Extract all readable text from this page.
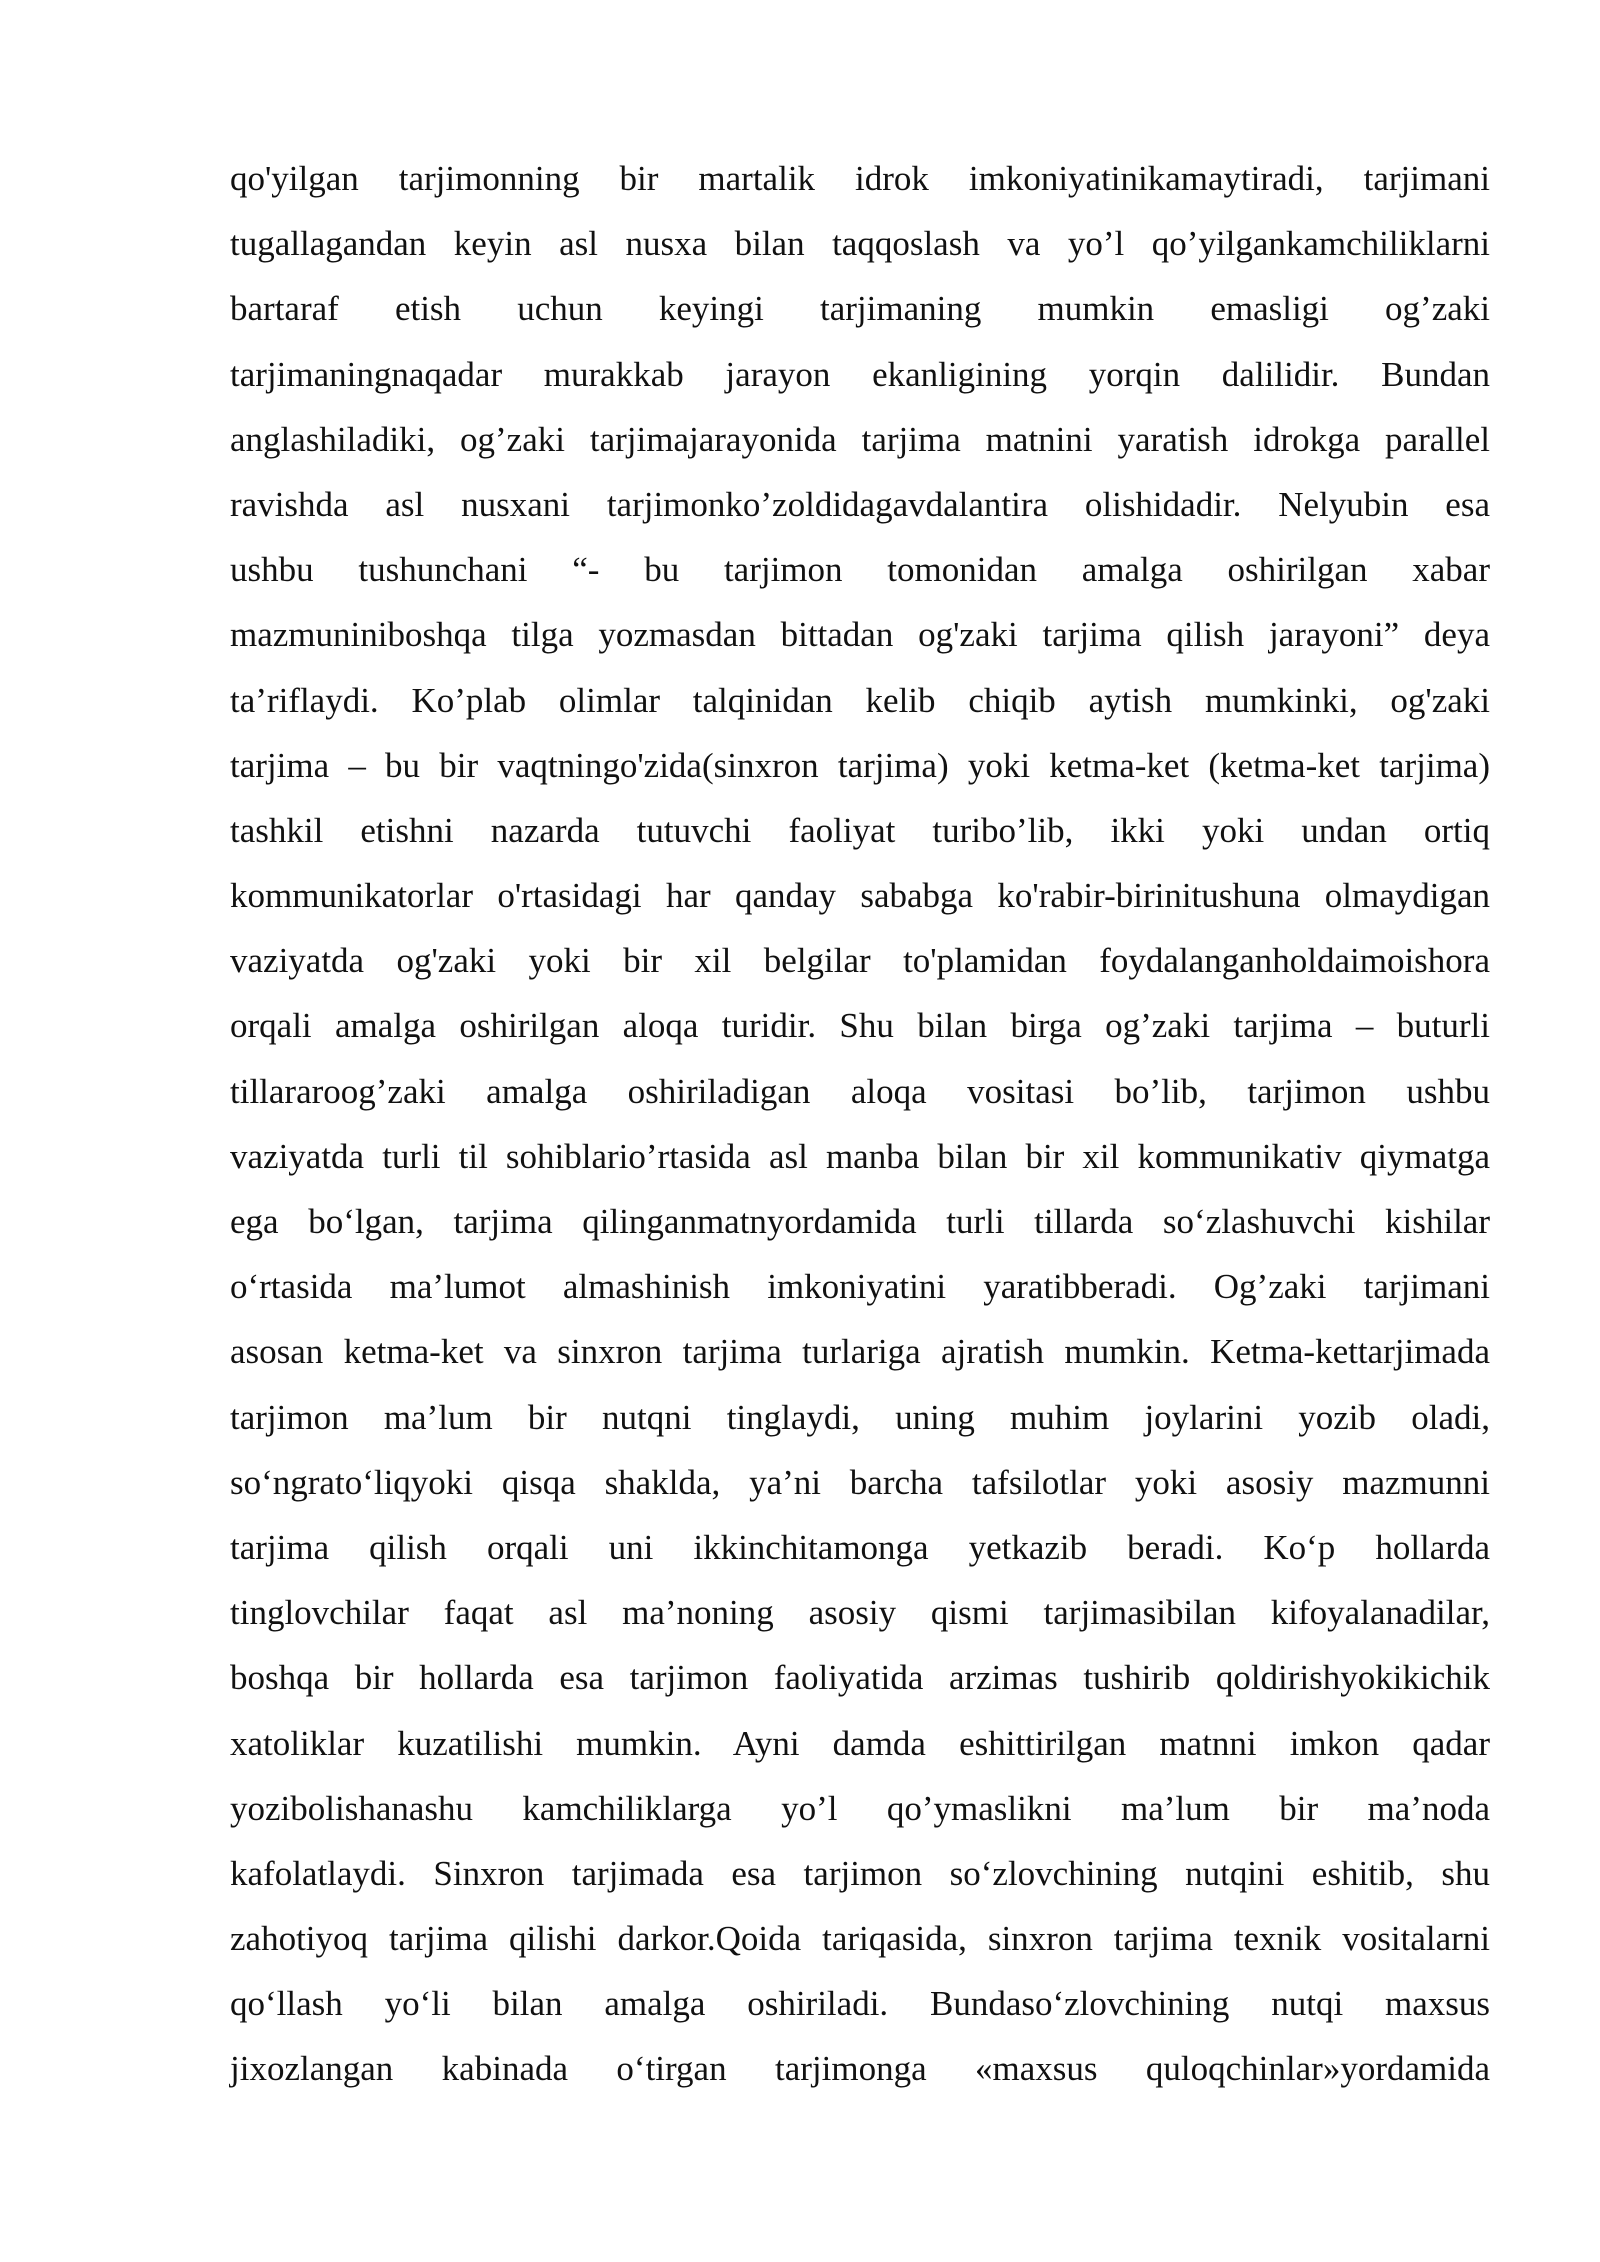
qo'yilgan tarjimonning bir martalik idrok imkoniyatinikamaytiradi, tarjimani
tugallagandan keyin asl nusxa bilan taqqoslash va yo’l qo’yilgankamchiliklarni
bartaraf etish uchun keyingi tarjimaning mumkin emasligi og’zaki
tarjimaningnaqadar murakkab jarayon ekanligining yorqin dalilidir. Bundan
anglashiladiki, og’zaki tarjimajarayonida tarjima matnini yaratish idrokga parallel
ravishda asl nusxani tarjimonko’zoldidagavdalantira olishidadir. Nelyubin esa
ushbu tushunchani “- bu tarjimon tomonidan amalga oshirilgan xabar
mazmuniniboshqa tilga yozmasdan bittadan og'zaki tarjima qilish jarayoni” deya
ta’riflaydi. Ko’plab olimlar talqinidan kelib chiqib aytish mumkinki, og'zaki
tarjima – bu bir vaqtningo'zida(sinxron tarjima) yoki ketma-ket (ketma-ket tarjima)
tashkil etishni nazarda tutuvchi faoliyat turibo’lib, ikki yoki undan ortiq
kommunikatorlar o'rtasidagi har qanday sababga ko'rabir-birinitushuna olmaydigan
vaziyatda og'zaki yoki bir xil belgilar to'plamidan foydalanganholdaimoishora
orqali amalga oshirilgan aloqa turidir. Shu bilan birga og’zaki tarjima – buturli
tillararoog’zaki amalga oshiriladigan aloqa vositasi bo’lib, tarjimon ushbu
vaziyatda turli til sohiblario’rtasida asl manba bilan bir xil kommunikativ qiymatga
ega bo‘lgan, tarjima qilinganmatnyordamida turli tillarda so‘zlashuvchi kishilar
o‘rtasida ma’lumot almashinish imkoniyatini yaratibberadi. Og’zaki tarjimani
asosan ketma-ket va sinxron tarjima turlariga ajratish mumkin. Ketma-kettarjimada
tarjimon ma’lum bir nutqni tinglaydi, uning muhim joylarini yozib oladi,
so‘ngrato‘liqyoki qisqa shaklda, ya’ni barcha tafsilotlar yoki asosiy mazmunni
tarjima qilish orqali uni ikkinchitamonga yetkazib beradi. Ko‘p hollarda
tinglovchilar faqat asl ma’noning asosiy qismi tarjimasibilan kifoyalanadilar,
boshqa bir hollarda esa tarjimon faoliyatida arzimas tushirib qoldirishyokikichik
xatoliklar kuzatilishi mumkin. Ayni damda eshittirilgan matnni imkon qadar
yozibolishanashu kamchiliklarga yo’l qo’ymaslikni ma’lum bir ma’noda
kafolatlaydi. Sinxron tarjimada esa tarjimon so‘zlovchining nutqini eshitib, shu
zahotiyoq tarjima qilishi darkor.Qoida tariqasida, sinxron tarjima texnik vositalarni
qo‘llash yo‘li bilan amalga oshiriladi. Bundaso‘zlovchining nutqi maxsus
jixozlangan kabinada o‘tirgan tarjimonga «maxsus quloqchinlar»yordamida
